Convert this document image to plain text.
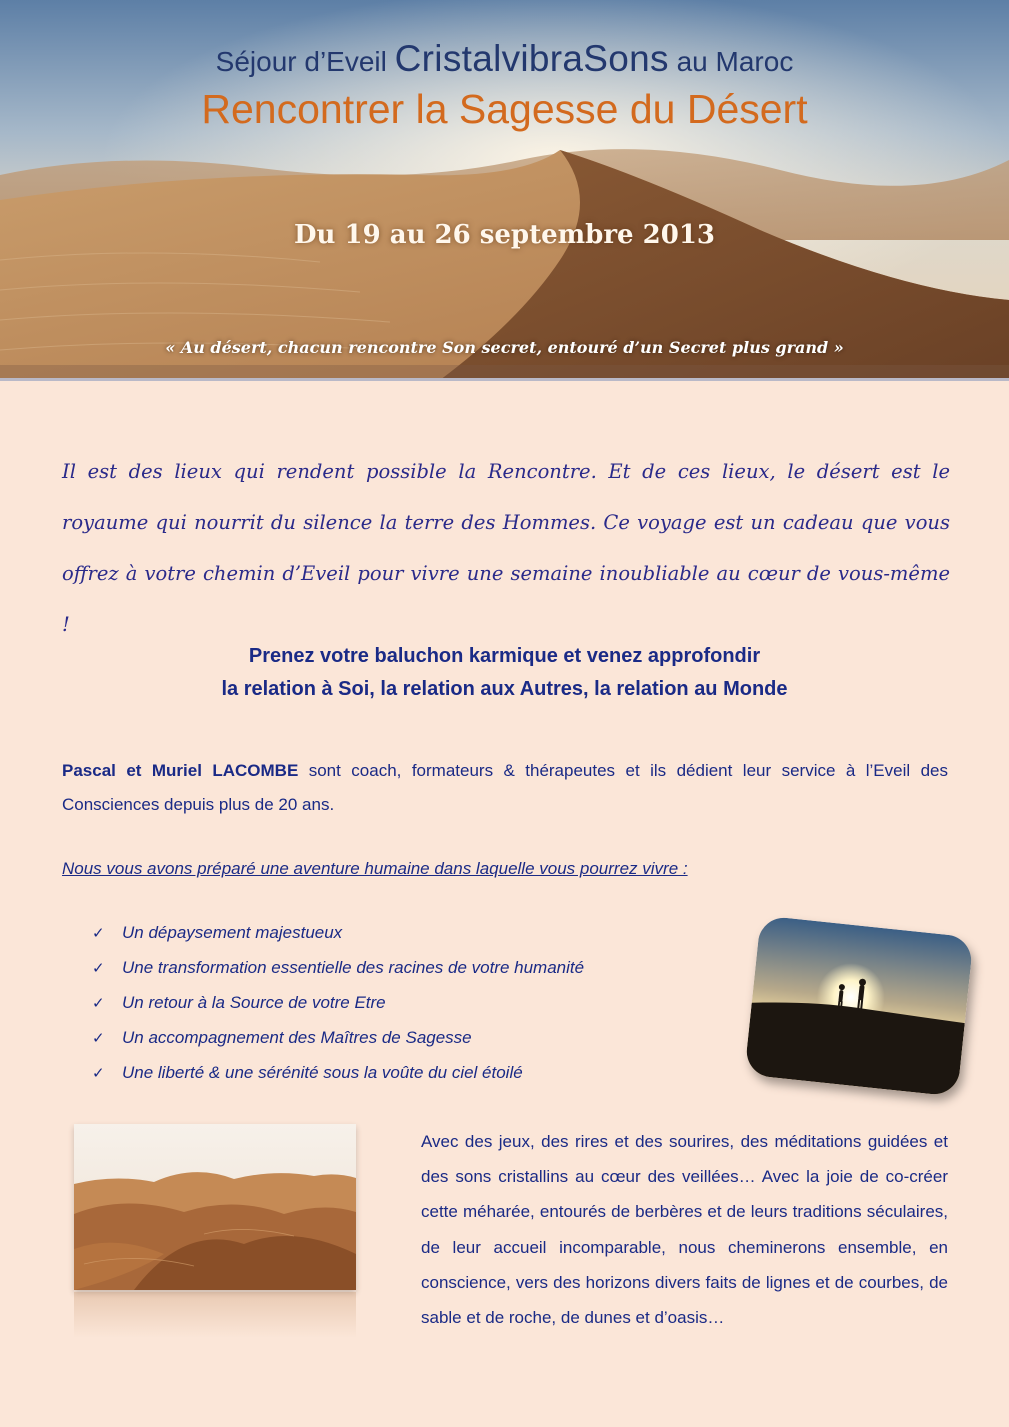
Séjour d’Eveil CristalvibraSons au Maroc
Rencontrer la Sagesse du Désert
Du 19 au 26 septembre 2013
« Au désert, chacun rencontre Son secret, entouré d’un Secret plus grand »

Il est des lieux qui rendent possible la Rencontre. Et de ces lieux, le désert est le royaume qui nourrit du silence la terre des Hommes. Ce voyage est un cadeau que vous offrez à votre chemin d’Eveil pour vivre une semaine inoubliable au cœur de vous-même !

Prenez votre baluchon karmique et venez approfondir
la relation à Soi, la relation aux Autres, la relation au Monde

Pascal et Muriel LACOMBE sont coach, formateurs & thérapeutes et ils dédient leur service à l’Eveil des Consciences depuis plus de 20 ans.

Nous vous avons préparé une aventure humaine dans laquelle vous pourrez vivre :
✓	Un dépaysement majestueux
✓	Une transformation essentielle des racines de votre humanité
✓	Un retour à la Source de votre Etre
✓	Un accompagnement des Maîtres de Sagesse
✓	Une liberté & une sérénité sous la voûte du ciel étoilé

Avec des jeux, des rires et des sourires, des méditations guidées et des sons cristallins au cœur des veillées… Avec la joie de co-créer cette méharée, entourés de berbères et de leurs traditions séculaires, de leur accueil incomparable, nous cheminerons ensemble, en conscience, vers des horizons divers faits de lignes et de courbes, de sable et de roche, de dunes et d’oasis…
